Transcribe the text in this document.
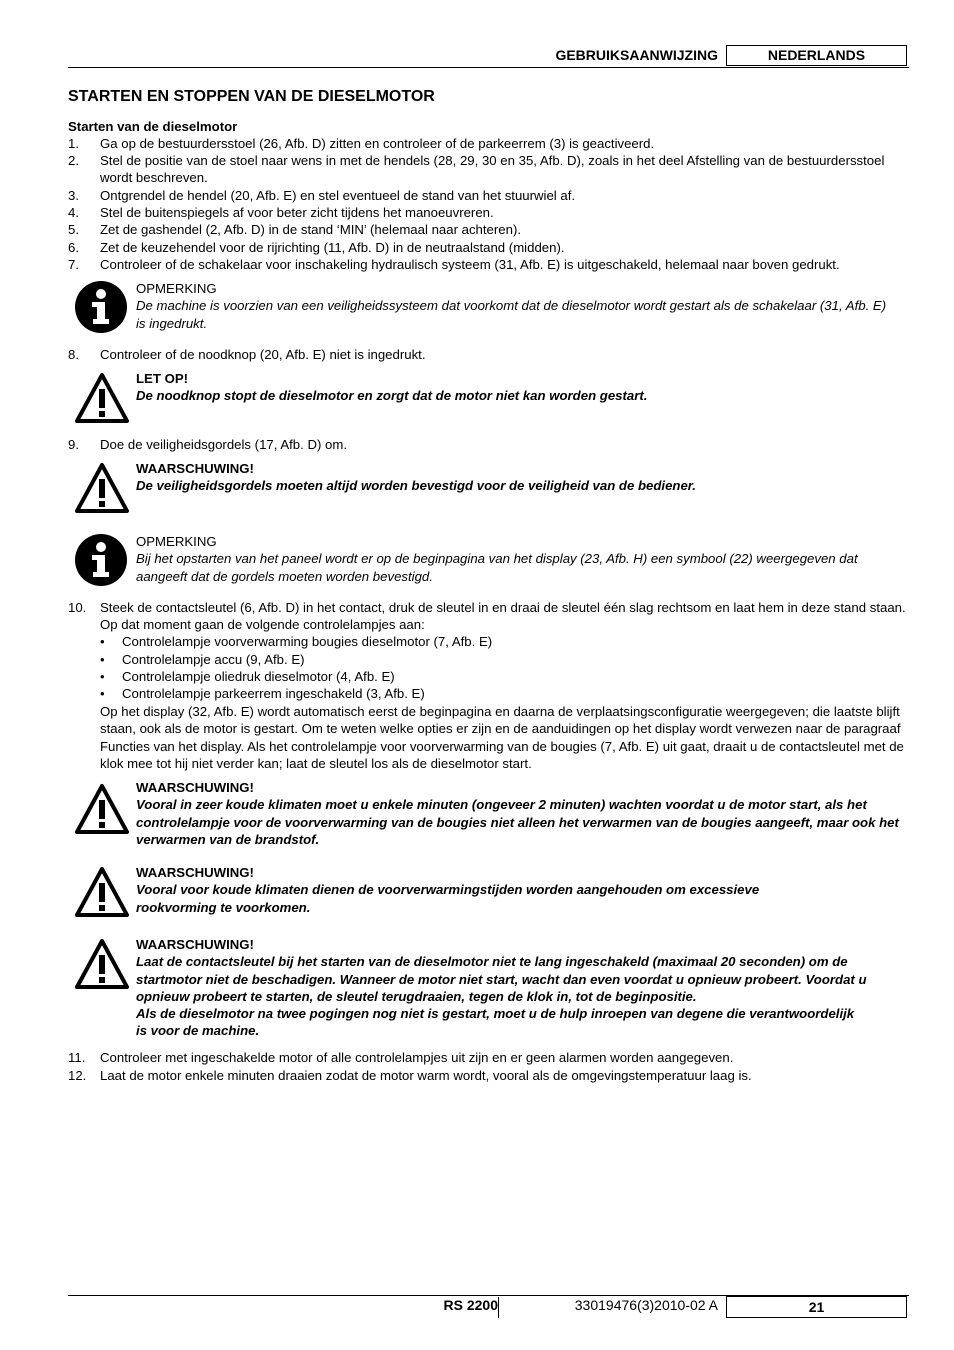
GEBRUIKSAANWIJZING	NEDERLANDS
STARTEN EN STOPPEN VAN DE DIESELMOTOR
Starten van de dieselmotor
1. Ga op de bestuurdersstoel (26, Afb. D) zitten en controleer of de parkeerrem (3) is geactiveerd.
2. Stel de positie van de stoel naar wens in met de hendels (28, 29, 30 en 35, Afb. D), zoals in het deel Afstelling van de bestuurdersstoel wordt beschreven.
3. Ontgrendel de hendel (20, Afb. E) en stel eventueel de stand van het stuurwiel af.
4. Stel de buitenspiegels af voor beter zicht tijdens het manoeuvreren.
5. Zet de gashendel (2, Afb. D) in de stand ‘MIN’ (helemaal naar achteren).
6. Zet de keuzehendel voor de rijrichting (11, Afb. D) in de neutraalstand (midden).
7. Controleer of de schakelaar voor inschakeling hydraulisch systeem (31, Afb. E) is uitgeschakeld, helemaal naar boven gedrukt.
OPMERKING
De machine is voorzien van een veiligheidssysteem dat voorkomt dat de dieselmotor wordt gestart als de schakelaar (31, Afb. E) is ingedrukt.
8. Controleer of de noodknop (20, Afb. E) niet is ingedrukt.
LET OP!
De noodknop stopt de dieselmotor en zorgt dat de motor niet kan worden gestart.
9. Doe de veiligheidsgordels (17, Afb. D) om.
WAARSCHUWING!
De veiligheidsgordels moeten altijd worden bevestigd voor de veiligheid van de bediener.
OPMERKING
Bij het opstarten van het paneel wordt er op de beginpagina van het display (23, Afb. H) een symbool (22) weergegeven dat aangeeft dat de gordels moeten worden bevestigd.
10. Steek de contactsleutel (6, Afb. D) in het contact, druk de sleutel in en draai de sleutel één slag rechtsom en laat hem in deze stand staan. Op dat moment gaan de volgende controlelampjes aan:
• Controlelampje voorverwarming bougies dieselmotor (7, Afb. E)
• Controlelampje accu (9, Afb. E)
• Controlelampje oliedruk dieselmotor (4, Afb. E)
• Controlelampje parkeerrem ingeschakeld (3, Afb. E)
Op het display (32, Afb. E) wordt automatisch eerst de beginpagina en daarna de verplaatsingsconfiguratie weergegeven; die laatste blijft staan, ook als de motor is gestart. Om te weten welke opties er zijn en de aanduidingen op het display wordt verwezen naar de paragraaf Functies van het display. Als het controlelampje voor voorverwarming van de bougies (7, Afb. E) uit gaat, draait u de contactsleutel met de klok mee tot hij niet verder kan; laat de sleutel los als de dieselmotor start.
WAARSCHUWING!
Vooral in zeer koude klimaten moet u enkele minuten (ongeveer 2 minuten) wachten voordat u de motor start, als het controlelampje voor de voorverwarming van de bougies niet alleen het verwarmen van de bougies aangeeft, maar ook het verwarmen van de brandstof.
WAARSCHUWING!
Vooral voor koude klimaten dienen de voorverwarmingstijden worden aangehouden om excessieve rookvorming te voorkomen.
WAARSCHUWING!
Laat de contactsleutel bij het starten van de dieselmotor niet te lang ingeschakeld (maximaal 20 seconden) om de startmotor niet de beschadigen. Wanneer de motor niet start, wacht dan even voordat u opnieuw probeert. Voordat u opnieuw probeert te starten, de sleutel terugdraaien, tegen de klok in, tot de beginpositie.
Als de dieselmotor na twee pogingen nog niet is gestart, moet u de hulp inroepen van degene die verantwoordelijk is voor de machine.
11. Controleer met ingeschakelde motor of alle controlelampjes uit zijn en er geen alarmen worden aangegeven.
12. Laat de motor enkele minuten draaien zodat de motor warm wordt, vooral als de omgevingstemperatuur laag is.
RS 2200	33019476(3)2010-02 A	21
